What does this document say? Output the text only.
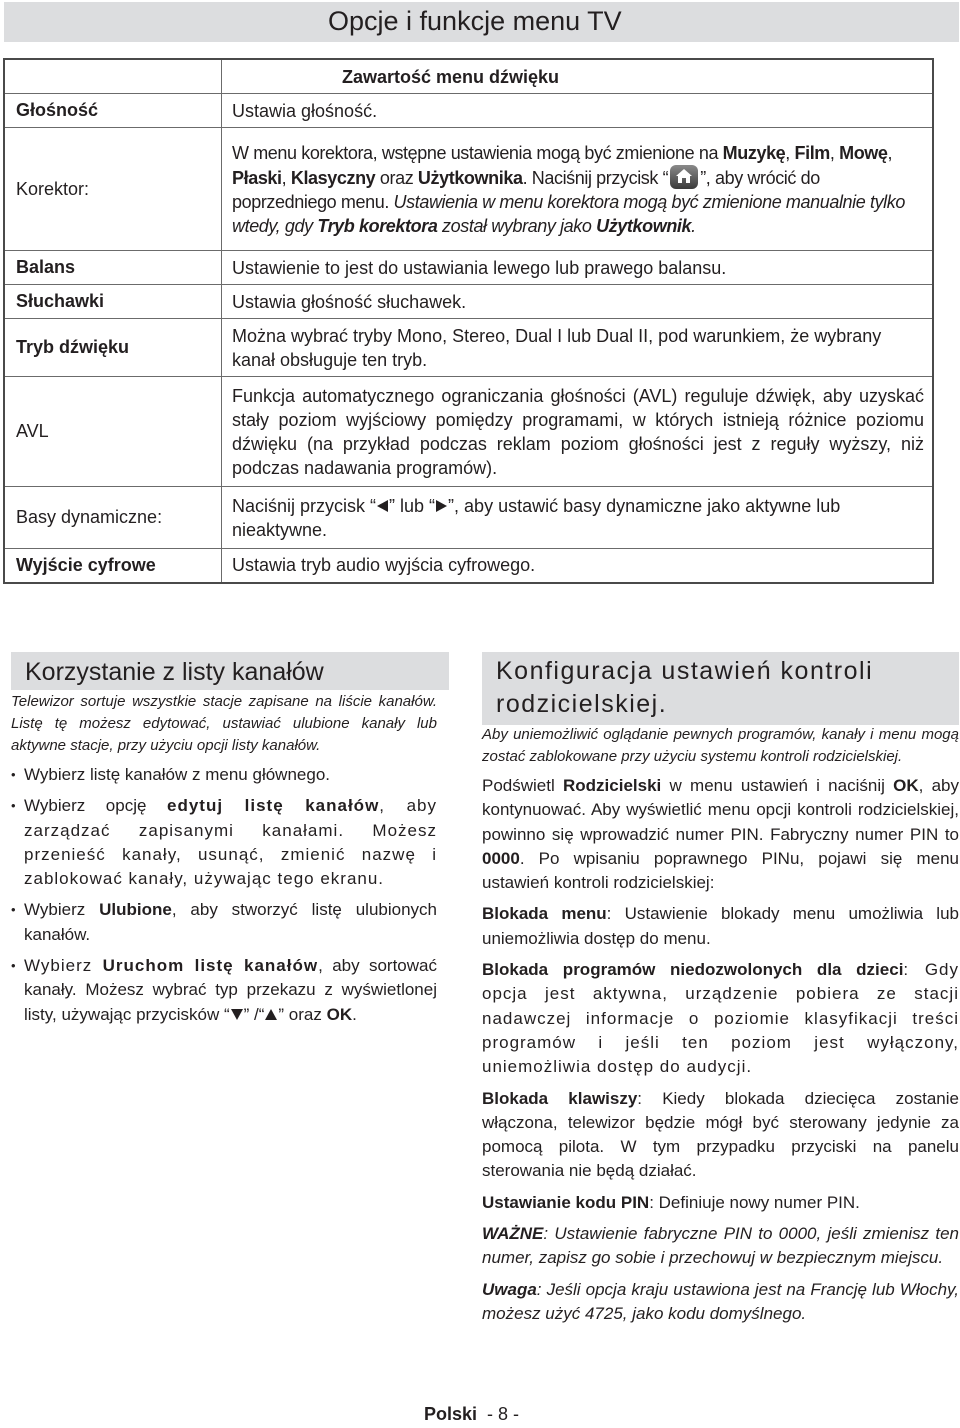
Opcje i funkcje menu TV
	Zawartość menu dźwięku
Głośność	Ustawia głośność.
Korektor:	W menu korektora, wstępne ustawienia mogą być zmienione na Muzykę, Film, Mowę, Płaski, Klasyczny oraz Użytkownika. Naciśnij przycisk “ ”, aby wrócić do poprzedniego menu. Ustawienia w menu korektora mogą być zmienione manualnie tylko wtedy, gdy Tryb korektora został wybrany jako Użytkownik.
Balans	Ustawienie to jest do ustawiania lewego lub prawego balansu.
Słuchawki	Ustawia głośność słuchawek.
Tryb dźwięku	Można wybrać tryby Mono, Stereo, Dual I lub Dual II, pod warunkiem, że wybrany kanał obsługuje ten tryb.
AVL	Funkcja automatycznego ograniczania głośności (AVL) reguluje dźwięk, aby uzyskać stały poziom wyjściowy pomiędzy programami, w których istnieją różnice poziomu dźwięku (na przykład podczas reklam poziom głośności jest z reguły wyższy, niż podczas nadawania programów).
Basy dynamiczne:	Naciśnij przycisk “ ” lub “ ”, aby ustawić basy dynamiczne jako aktywne lub nieaktywne.
Wyjście cyfrowe	Ustawia tryb audio wyjścia cyfrowego.
Korzystanie z listy kanałów

Telewizor sortuje wszystkie stacje zapisane na liście kanałów. Listę tę możesz edytować, ustawiać ulubione kanały lub aktywne stacje, przy użyciu opcji listy kanałów.

• Wybierz listę kanałów z menu głównego.
• Wybierz opcję edytuj listę kanałów, aby zarządzać zapisanymi kanałami. Możesz przenieść kanały, usunąć, zmienić nazwę i zablokować kanały, używając tego ekranu.
• Wybierz Ulubione, aby stworzyć listę ulubionych kanałów.
• Wybierz Uruchom listę kanałów, aby sortować kanały. Możesz wybrać typ przekazu z wyświetlonej listy, używając przycisków “ ” /“ ” oraz OK.
Konfiguracja ustawień kontroli rodzicielskiej.

Aby uniemożliwić oglądanie pewnych programów, kanały i menu mogą zostać zablokowane przy użyciu systemu kontroli rodzicielskiej.

Podświetl Rodzicielski w menu ustawień i naciśnij OK, aby kontynuować. Aby wyświetlić menu opcji kontroli rodzicielskiej, powinno się wprowadzić numer PIN. Fabryczny numer PIN to 0000. Po wpisaniu poprawnego PINu, pojawi się menu ustawień kontroli rodzicielskiej:

Blokada menu: Ustawienie blokady menu umożliwia lub uniemożliwia dostęp do menu.

Blokada programów niedozwolonych dla dzieci: Gdy opcja jest aktywna, urządzenie pobiera ze stacji nadawczej informacje o poziomie klasyfikacji treści programów i jeśli ten poziom jest wyłączony, uniemożliwia dostęp do audycji.

Blokada klawiszy: Kiedy blokada dziecięca zostanie włączona, telewizor będzie mógł być sterowany jedynie za pomocą pilota. W tym przypadku przyciski na panelu sterowania nie będą działać.

Ustawianie kodu PIN: Definiuje nowy numer PIN.

WAŻNE: Ustawienie fabryczne PIN to 0000, jeśli zmienisz ten numer, zapisz go sobie i przechowuj w bezpiecznym miejscu.

Uwaga: Jeśli opcja kraju ustawiona jest na Francję lub Włochy, możesz użyć 4725, jako kodu domyślnego.

Polski - 8 -
